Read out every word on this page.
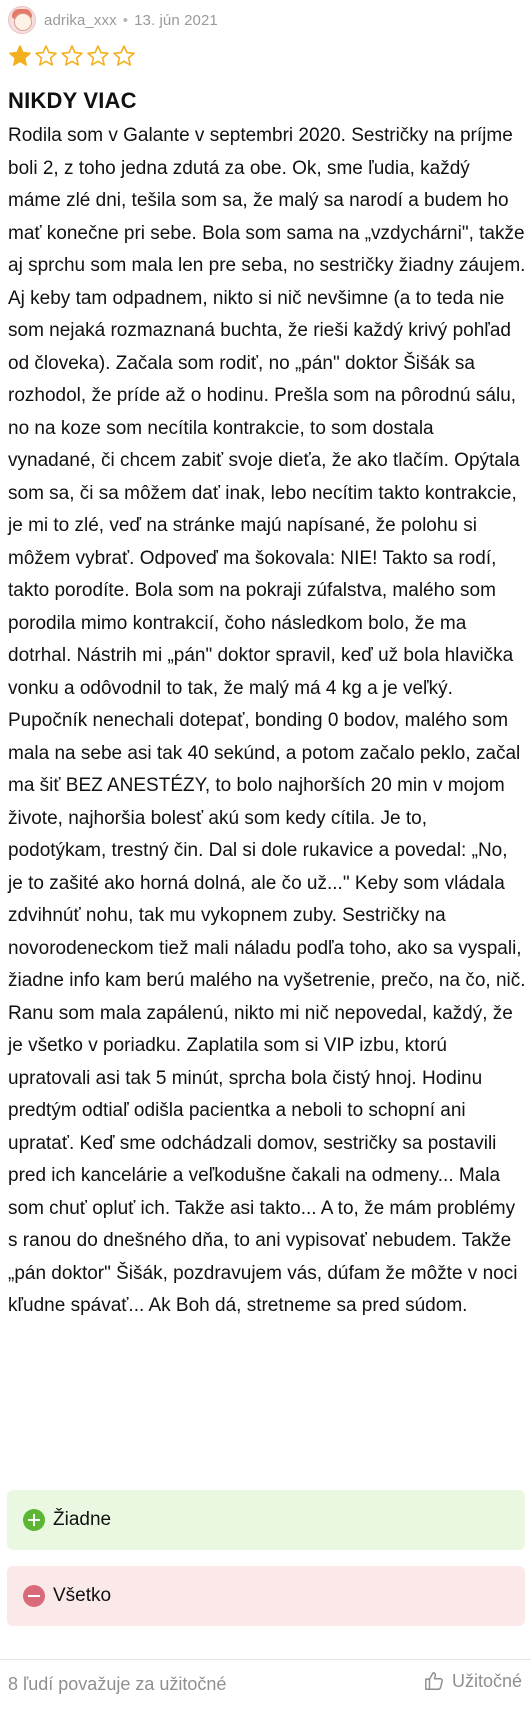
adrika_xxx • 13. jún 2021
NIKDY VIAC

Rodila som v Galante v septembri 2020. Sestričky na príjme boli 2, z toho jedna zdutá za obe. Ok, sme ľudia, každý máme zlé dni, tešila som sa, že malý sa narodí a budem ho mať konečne pri sebe. Bola som sama na „vzdychárni", takže aj sprchu som mala len pre seba, no sestričky žiadny záujem. Aj keby tam odpadnem, nikto si nič nevšimne (a to teda nie som nejaká rozmaznaná buchta, že rieši každý krivý pohľad od človeka). Začala som rodiť, no „pán" doktor Šišák sa rozhodol, že príde až o hodinu. Prešla som na pôrodnú sálu, no na koze som necítila kontrakcie, to som dostala vynadané, či chcem zabiť svoje dieťa, že ako tlačím. Opýtala som sa, či sa môžem dať inak, lebo necítim takto kontrakcie, je mi to zlé, veď na stránke majú napísané, že polohu si môžem vybrať. Odpoveď ma šokovala: NIE! Takto sa rodí, takto porodíte. Bola som na pokraji zúfalstva, malého som porodila mimo kontrakcií, čoho následkom bolo, že ma dotrhal. Nástrih mi „pán" doktor spravil, keď už bola hlavička vonku a odôvodnil to tak, že malý má 4 kg a je veľký. Pupočník nenechali dotepať, bonding 0 bodov, malého som mala na sebe asi tak 40 sekúnd, a potom začalo peklo, začal ma šiť BEZ ANESTÉZY, to bolo najhorších 20 min v mojom živote, najhoršia bolesť akú som kedy cítila. Je to, podotýkam, trestný čin. Dal si dole rukavice a povedal: „No, je to zašité ako horná dolná, ale čo už..." Keby som vládala zdvihnúť nohu, tak mu vykopnem zuby. Sestričky na novorodeneckom tiež mali náladu podľa toho, ako sa vyspali, žiadne info kam berú malého na vyšetrenie, prečo, na čo, nič. Ranu som mala zapálenú, nikto mi nič nepovedal, každý, že je všetko v poriadku. Zaplatila som si VIP izbu, ktorú upratovali asi tak 5 minút, sprcha bola čistý hnoj. Hodinu predtým odtiaľ odišla pacientka a neboli to schopní ani upratať. Keď sme odchádzali domov, sestričky sa postavili pred ich kancelárie a veľkodušne čakali na odmeny... Mala som chuť opluť ich. Takže asi takto... A to, že mám problémy s ranou do dnešného dňa, to ani vypisovať nebudem. Takže „pán doktor" Šišák, pozdravujem vás, dúfam že môžte v noci kľudne spávať... Ak Boh dá, stretneme sa pred súdom.

Žiadne
Všetko
8 ľudí považuje za užitočné	Užitočné
